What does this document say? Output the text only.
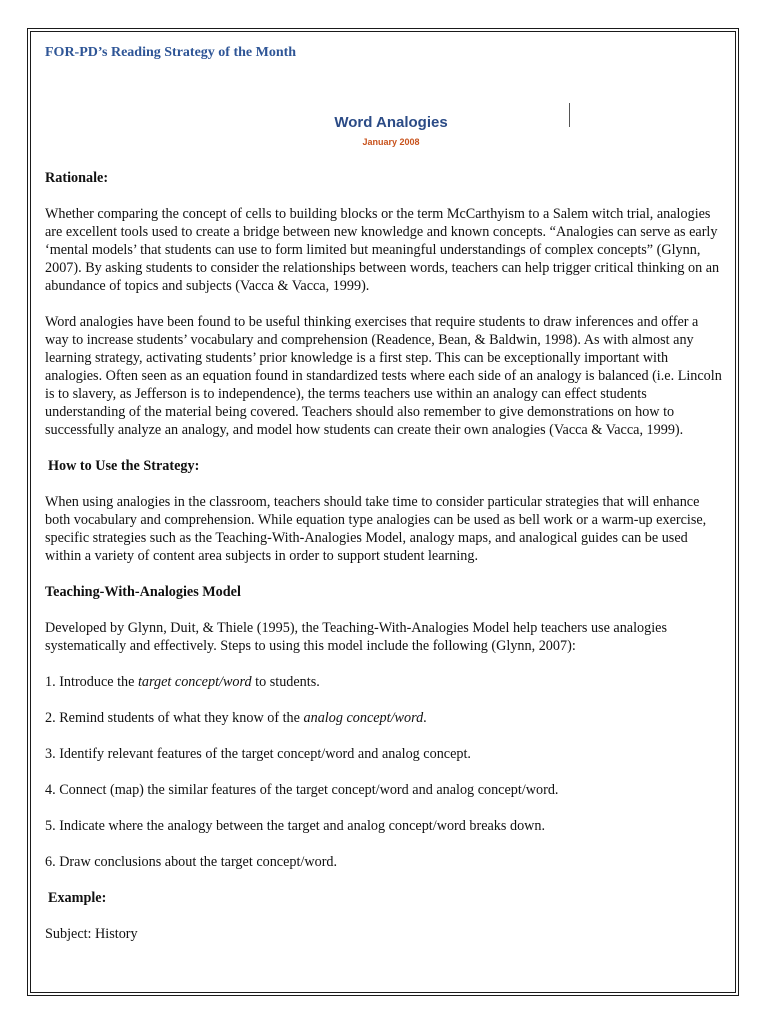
FOR-PD’s Reading Strategy of the Month

Word Analogies
January 2008
Rationale:

Whether comparing the concept of cells to building blocks or the term McCarthyism to a Salem witch trial, analogies are excellent tools used to create a bridge between new knowledge and known concepts. “Analogies can serve as early ‘mental models’ that students can use to form limited but meaningful understandings of complex concepts” (Glynn, 2007). By asking students to consider the relationships between words, teachers can help trigger critical thinking on an abundance of topics and subjects (Vacca & Vacca, 1999).

Word analogies have been found to be useful thinking exercises that require students to draw inferences and offer a way to increase students’ vocabulary and comprehension (Readence, Bean, & Baldwin, 1998). As with almost any learning strategy, activating students’ prior knowledge is a first step. This can be exceptionally important with analogies. Often seen as an equation found in standardized tests where each side of an analogy is balanced (i.e. Lincoln is to slavery, as Jefferson is to independence), the terms teachers use within an analogy can effect students understanding of the material being covered. Teachers should also remember to give demonstrations on how to successfully analyze an analogy, and model how students can create their own analogies (Vacca & Vacca, 1999).

How to Use the Strategy:

When using analogies in the classroom, teachers should take time to consider particular strategies that will enhance both vocabulary and comprehension. While equation type analogies can be used as bell work or a warm-up exercise, specific strategies such as the Teaching-With-Analogies Model, analogy maps, and analogical guides can be used within a variety of content area subjects in order to support student learning.

Teaching-With-Analogies Model

Developed by Glynn, Duit, & Thiele (1995), the Teaching-With-Analogies Model help teachers use analogies systematically and effectively. Steps to using this model include the following (Glynn, 2007):

1. Introduce the target concept/word to students.

2. Remind students of what they know of the analog concept/word.

3. Identify relevant features of the target concept/word and analog concept.

4. Connect (map) the similar features of the target concept/word and analog concept/word.

5. Indicate where the analogy between the target and analog concept/word breaks down.

6. Draw conclusions about the target concept/word.

Example:

Subject: History
